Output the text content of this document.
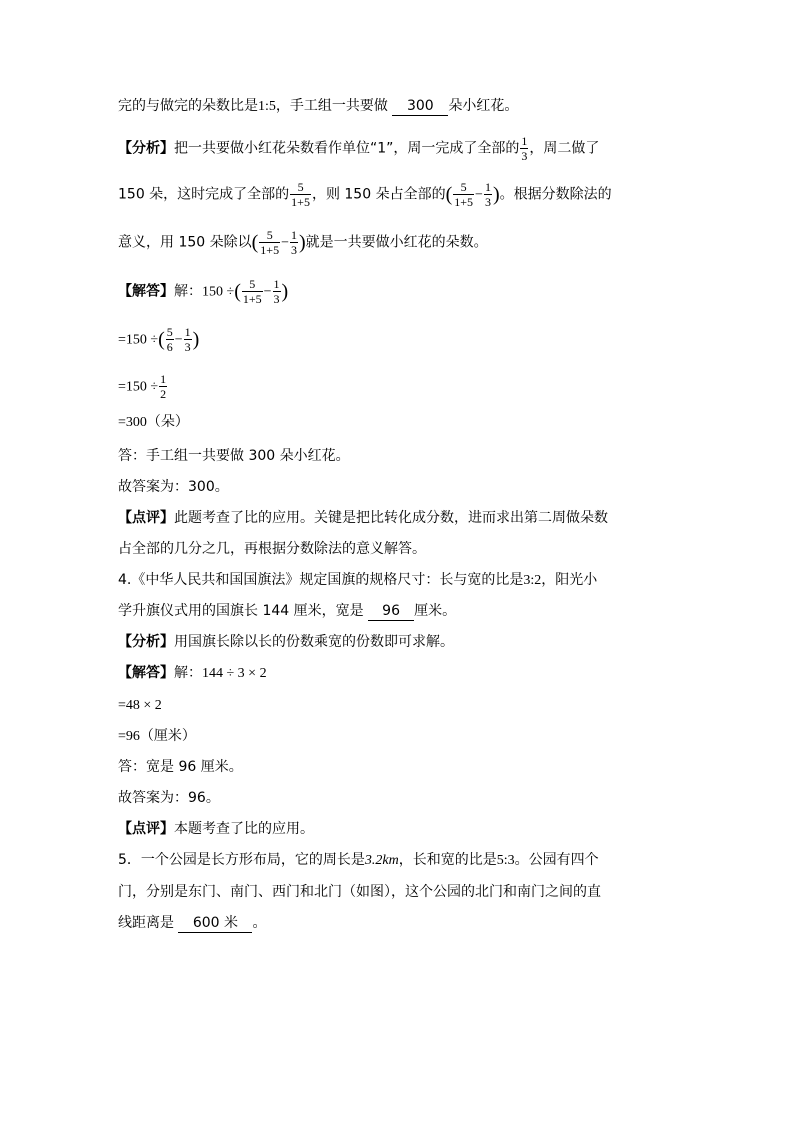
完的与做完的朵数比是1:5，手工组一共要做 300 朵小红花。
【分析】把一共要做小红花朵数看作单位“1”，周一完成了全部的 $\frac{1}{3}$ ，周二做了
150 朵，这时完成了全部的 $\frac{5}{1+5}$ ，则 150 朵占全部的( $\frac{5}{1+5} - \frac{1}{3}$ )。根据分数除法的
意义，用 150 朵除以( $\frac{5}{1+5} - \frac{1}{3}$ )就是一共要做小红花的朵数。
【解答】解：150 ÷( $\frac{5}{1+5} - \frac{1}{3}$ )
=150 ÷( $\frac{5}{6} - \frac{1}{3}$ )
$=150 \div \frac{1}{2}$
=300（朵）
答：手工组一共要做 300 朵小红花。
故答案为：300。
【点评】此题考查了比的应用。关键是把比转化成分数，进而求出第二周做朵数
占全部的几分之几，再根据分数除法的意义解答。
4.《中华人民共和国国旗法》规定国旗的规格尺寸：长与宽的比是3:2，阳光小
学升旗仪式用的国旗长 144 厘米，宽是 96 厘米。
【分析】用国旗长除以长的份数乘宽的份数即可求解。
【解答】解：144 ÷ 3 × 2
=48 × 2
=96（厘米）
答：宽是 96 厘米。
故答案为：96。
【点评】本题考查了比的应用。
5．一个公园是长方形布局，它的周长是3.2km，长和宽的比是5:3。公园有四个
门，分别是东门、南门、西门和北门（如图），这个公园的北门和南门之间的直
线距离是 600 米 。
